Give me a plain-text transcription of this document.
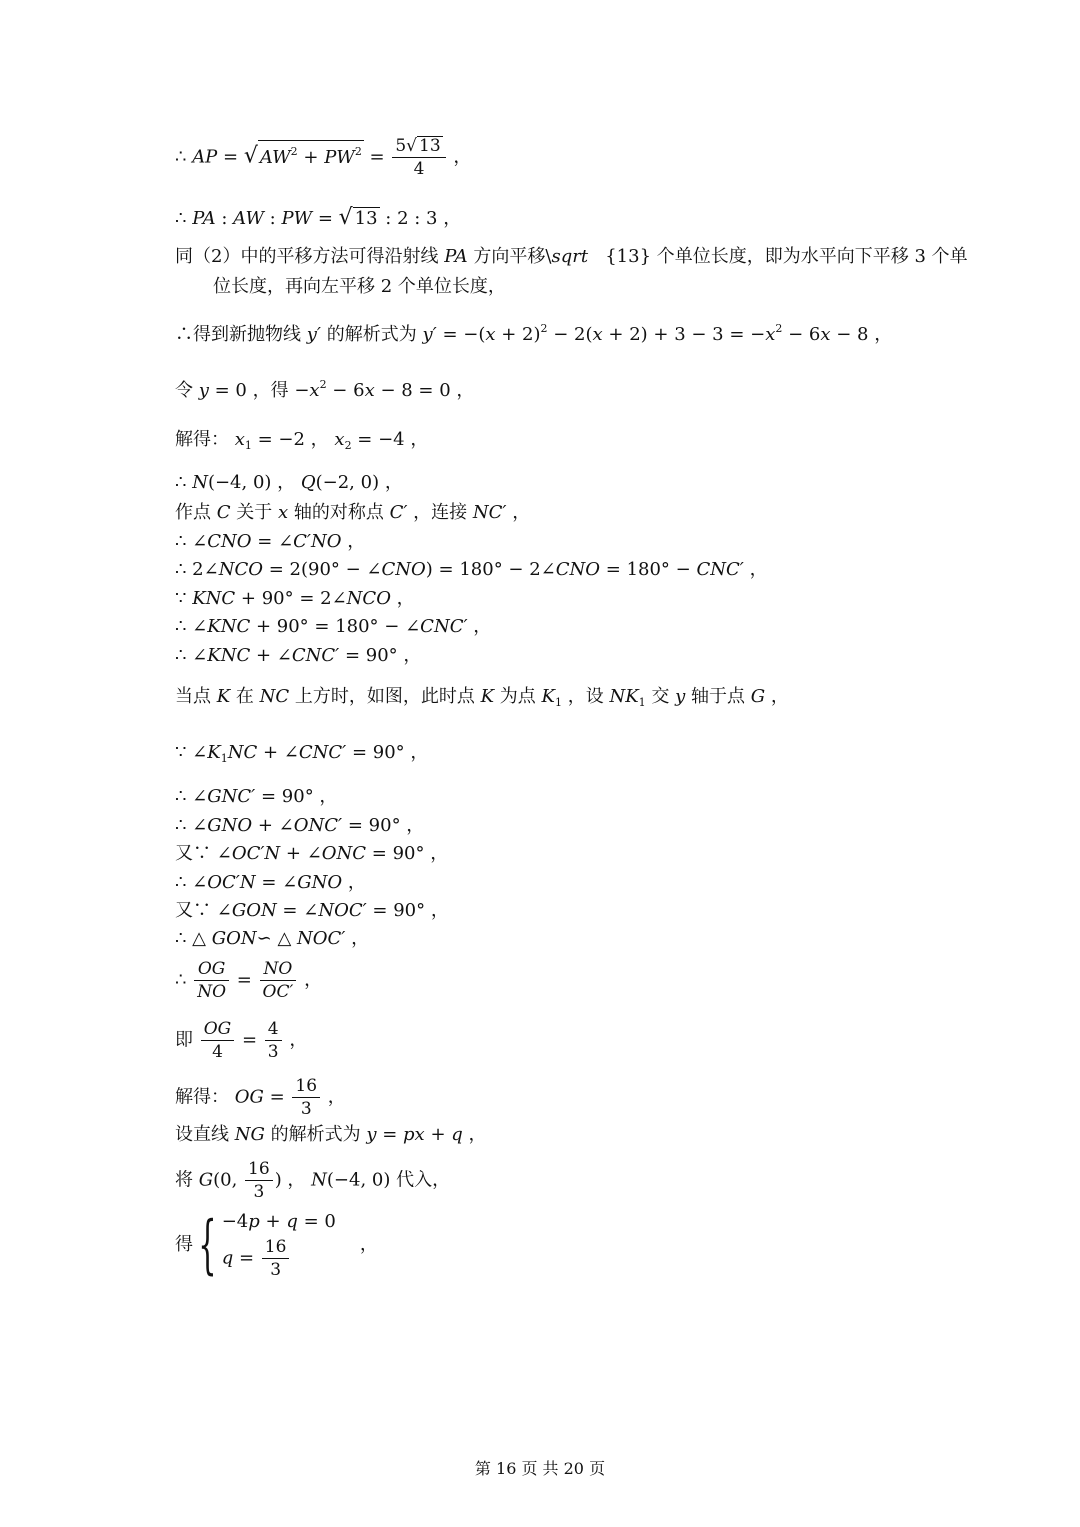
∴ AP = √ $AW^2 + PW^2 = \frac{5√ 13}{4}$ ，
∴ PA : AW : PW = √ 13 : 2 : 3 ，
同（2）中的平移方法可得沿射线 PA 方向平移\sqrt   {13} 个单位长度，即为水平向下平移 3 个单
位长度，再向左平移 2 个单位长度，
∴得到新抛物线 y′ 的解析式为 $y' = -(x + 2)^2 - 2(x + 2) + 3 - 3 = -x^2 - 6x - 8$ ，
令 y = 0 ，得 $-x^2 - 6x - 8 = 0$ ，
解得： $x_1 = -2$ ， $x_2 = -4$ ，
∴ N(−4, 0) ， Q(−2, 0) ，
作点 C 关于 x 轴的对称点 C′ ，连接 NC′ ，
∴ ∠CNO = ∠C′NO ，
∴ 2∠NCO = 2(90° − ∠CNO) = 180° − 2∠CNO = 180° − CNC′ ，
∵ KNC + 90° = 2∠NCO ，
∴ ∠KNC + 90° = 180° − ∠CNC′ ，
∴ ∠KNC + ∠CNC′ = 90° ，
当点 K 在 NC 上方时，如图，此时点 K 为点 $K_1$ ，设 $NK_1$ 交 y 轴于点 G ，
∵ $\angle K_1NC$ + ∠CNC′ = 90° ，
∴ ∠GNC′ = 90° ，
∴ ∠GNO + ∠ONC′ = 90° ，
又∵ ∠OC′N + ∠ONC = 90° ，
∴ ∠OC′N = ∠GNO ，
又∵ ∠GON = ∠NOC′ = 90° ，
∴ △ GON∽ △ NOC′ ，
∴ $\frac{OG}{NO} = \frac{NO}{OC'}$ ，
即 $\frac{OG}{4} = \frac{4}{3}$ ，
解得： OG = $\frac{16}{3}$ ，
设直线 NG 的解析式为 y = px + q ，
将 G(0, $\frac{16}{3}$ ) ， N(−4, 0) 代入，
得 { −4p + q = 0
$q = \frac{16}{3}$	，
第 16 页 共 20 页
